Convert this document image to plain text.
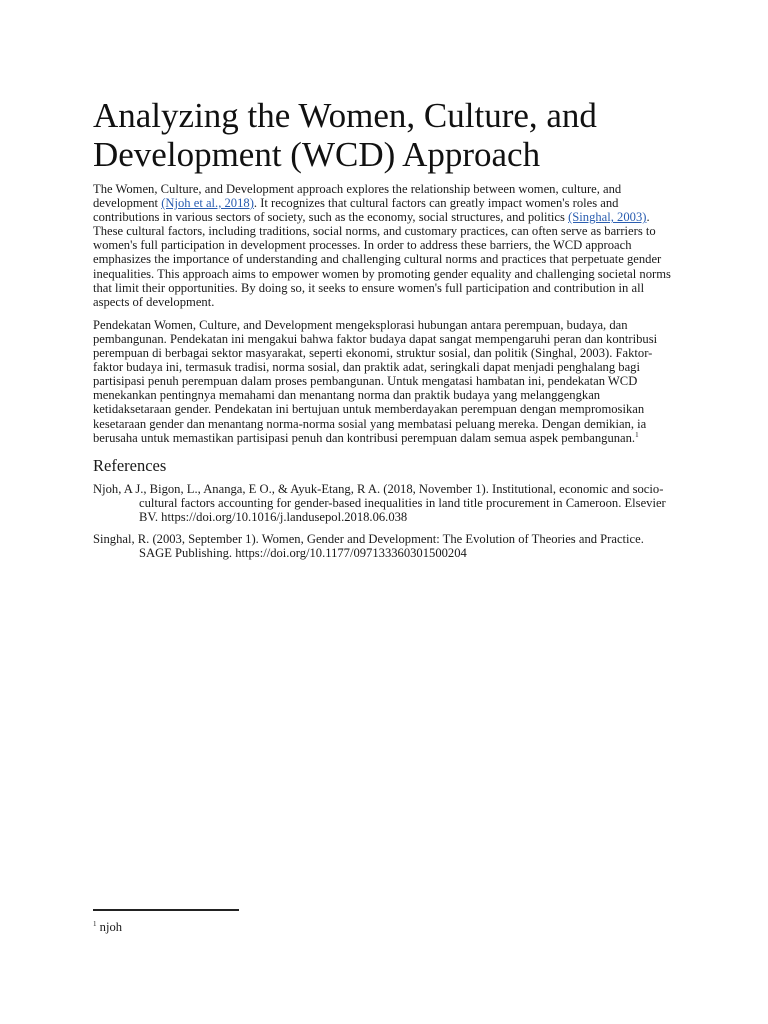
Analyzing the Women, Culture, and Development (WCD) Approach

The Women, Culture, and Development approach explores the relationship between women, culture, and development (Njoh et al., 2018). It recognizes that cultural factors can greatly impact women's roles and contributions in various sectors of society, such as the economy, social structures, and politics (Singhal, 2003). These cultural factors, including traditions, social norms, and customary practices, can often serve as barriers to women's full participation in development processes. In order to address these barriers, the WCD approach emphasizes the importance of understanding and challenging cultural norms and practices that perpetuate gender inequalities. This approach aims to empower women by promoting gender equality and challenging societal norms that limit their opportunities. By doing so, it seeks to ensure women's full participation and contribution in all aspects of development.

Pendekatan Women, Culture, and Development mengeksplorasi hubungan antara perempuan, budaya, dan pembangunan. Pendekatan ini mengakui bahwa faktor budaya dapat sangat mempengaruhi peran dan kontribusi perempuan di berbagai sektor masyarakat, seperti ekonomi, struktur sosial, dan politik (Singhal, 2003). Faktor-faktor budaya ini, termasuk tradisi, norma sosial, dan praktik adat, seringkali dapat menjadi penghalang bagi partisipasi penuh perempuan dalam proses pembangunan. Untuk mengatasi hambatan ini, pendekatan WCD menekankan pentingnya memahami dan menantang norma dan praktik budaya yang melanggengkan ketidaksetaraan gender. Pendekatan ini bertujuan untuk memberdayakan perempuan dengan mempromosikan kesetaraan gender dan menantang norma-norma sosial yang membatasi peluang mereka. Dengan demikian, ia berusaha untuk memastikan partisipasi penuh dan kontribusi perempuan dalam semua aspek pembangunan.$^1$

References

Njoh, A J., Bigon, L., Ananga, E O., & Ayuk-Etang, R A. (2018, November 1). Institutional, economic and socio-cultural factors accounting for gender-based inequalities in land title procurement in Cameroon. Elsevier BV. https://doi.org/10.1016/j.landusepol.2018.06.038

Singhal, R. (2003, September 1). Women, Gender and Development: The Evolution of Theories and Practice. SAGE Publishing. https://doi.org/10.1177/097133360301500204

$^1$ njoh
